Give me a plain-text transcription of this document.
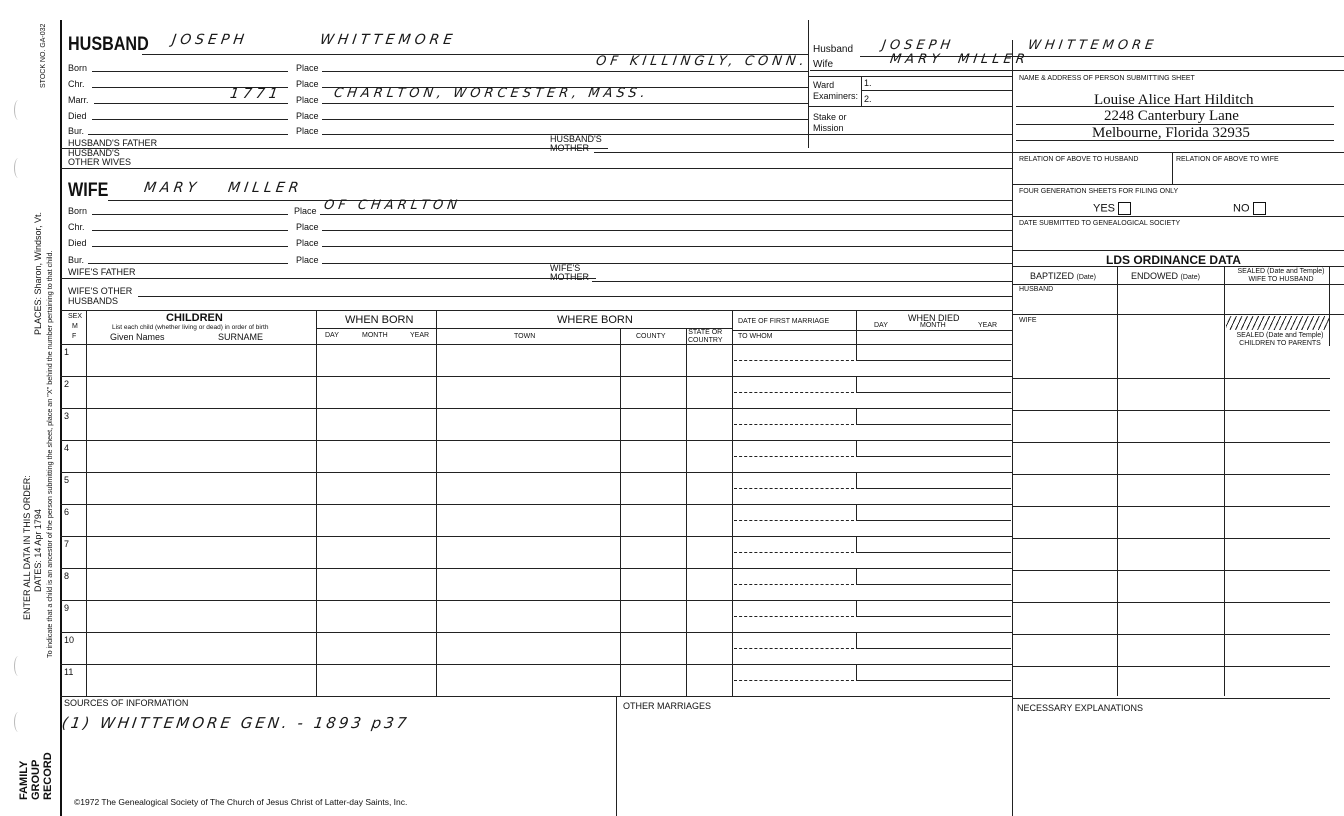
STOCK NO. GA-032
PLACES: Sharon, Windsor, Vt.
ENTER ALL DATA IN THIS ORDER: DATES: 14 Apr 1794 To indicate that a child is an ancestor of the person submitting the sheet, place an "X" behind the number pertaining to that child.
FAMILY GROUP RECORD
HUSBAND JOSEPH	WHITTEMORE
Born	Place	OF KILLINGLY, CONN.
Chr.	Place
Marr.	1771 Place CHARLTON, WORCESTER, MASS.
Died	Place
Bur.	Place
HUSBAND'S FATHER	HUSBAND'S
MOTHER
HUSBAND'S
OTHER WIVES
WIFE MARY MILLER
Born	Place OF CHARLTON
Chr.	Place
Died	Place
Bur.	Place
WIFE'S FATHER	WIFE'S
MOTHER
WIFE'S OTHER
HUSBANDS
Husband JOSEPH	WHITTEMORE
Wife	MARY MILLER
Ward
Examiners:
1.
2.
Stake or
Mission
NAME & ADDRESS OF PERSON SUBMITTING SHEET
Louise Alice Hart Hilditch
2248 Canterbury Lane
Melbourne, Florida 32935
RELATION OF ABOVE TO HUSBAND	RELATION OF ABOVE TO WIFE
FOUR GENERATION SHEETS FOR FILING ONLY
YES	NO
DATE SUBMITTED TO GENEALOGICAL SOCIETY
LDS ORDINANCE DATA
BAPTIZED (Date)	ENDOWED (Date)
SEALED (Date and Temple)
WIFE TO HUSBAND
HUSBAND
WIFE
SEALED (Date and Temple)
CHILDREN TO PARENTS
SEX
M
F
CHILDREN
List each child (whether living or dead) in order of birth
Given Names	SURNAME
WHEN BORN
DAY	MONTH	YEAR
WHERE BORN
TOWN	COUNTY
STATE OR
COUNTRY
DATE OF FIRST MARRIAGE
TO WHOM
WHEN DIED
DAY	MONTH	YEAR
1
2
3
4
5
6
7
8
9
10
11
SOURCES OF INFORMATION
(1) WHITTEMORE GEN. - 1893 p37
OTHER MARRIAGES	NECESSARY EXPLANATIONS
©1972 The Genealogical Society of The Church of Jesus Christ of Latter-day Saints, Inc.
